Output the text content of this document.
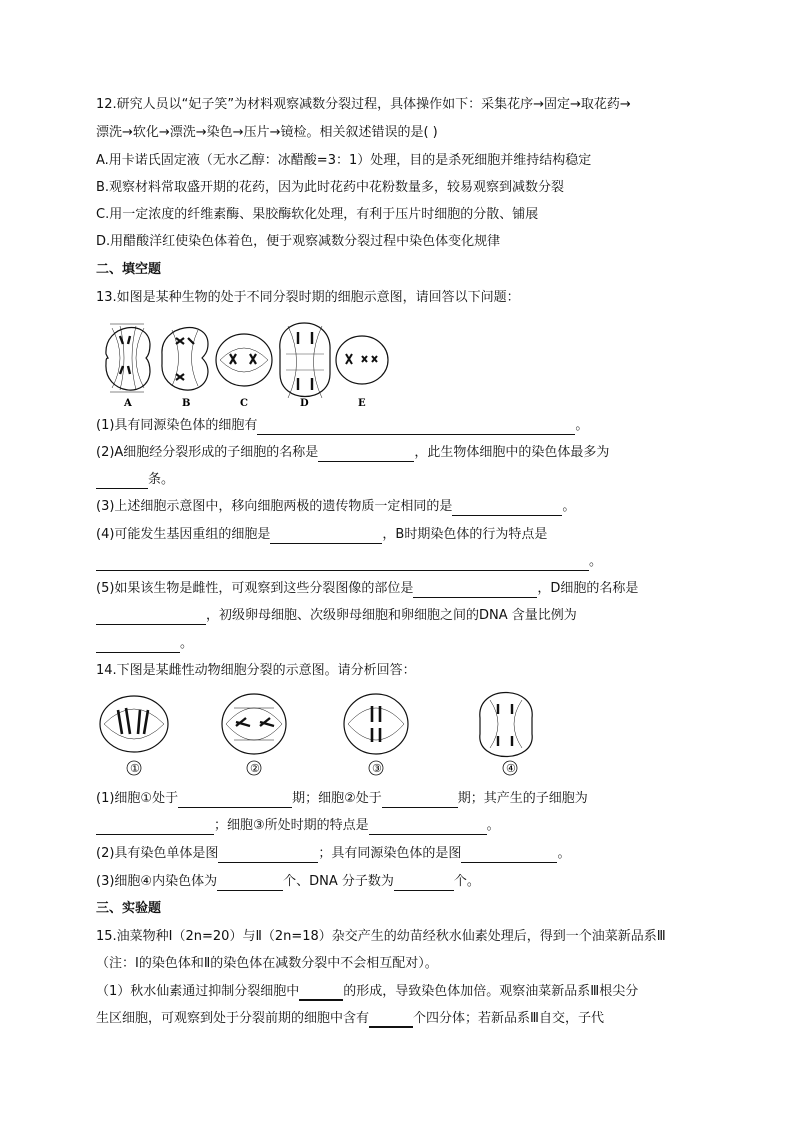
12.研究人员以“妃子笑”为材料观察减数分裂过程，具体操作如下：采集花序→固定→取花药→
漂洗→软化→漂洗→染色→压片→镜检。相关叙述错误的是( )
A.用卡诺氏固定液（无水乙醇：冰醋酸=3：1）处理，目的是杀死细胞并维持结构稳定
B.观察材料常取盛开期的花药，因为此时花药中花粉数量多，较易观察到减数分裂
C.用一定浓度的纤维素酶、果胶酶软化处理，有利于压片时细胞的分散、铺展
D.用醋酸洋红使染色体着色，便于观察减数分裂过程中染色体变化规律
二、填空题
13.如图是某种生物的处于不同分裂时期的细胞示意图，请回答以下问题：
A	B	C	D	E
(1)具有同源染色体的细胞有	。
(2)A细胞经分裂形成的子细胞的名称是	，此生物体细胞中的染色体最多为
条。
(3)上述细胞示意图中，移向细胞两极的遗传物质一定相同的是	。
(4)可能发生基因重组的细胞是	，B时期染色体的行为特点是
。
(5)如果该生物是雌性，可观察到这些分裂图像的部位是	，D细胞的名称是
，初级卵母细胞、次级卵母细胞和卵细胞之间的DNA 含量比例为
。
14.下图是某雌性动物细胞分裂的示意图。请分析回答：
①	②	③	④
(1)细胞①处于	期；细胞②处于	期；其产生的子细胞为
；细胞③所处时期的特点是	。
(2)具有染色单体是图	；具有同源染色体的是图	。
(3)细胞④内染色体为	个、DNA 分子数为	个。
三、实验题
15.油菜物种Ⅰ（2n=20）与Ⅱ（2n=18）杂交产生的幼苗经秋水仙素处理后，得到一个油菜新品系Ⅲ
（注：Ⅰ的染色体和Ⅱ的染色体在减数分裂中不会相互配对）。
（1）秋水仙素通过抑制分裂细胞中	的形成，导致染色体加倍。观察油菜新品系Ⅲ根尖分
生区细胞，可观察到处于分裂前期的细胞中含有	个四分体；若新品系Ⅲ自交，子代
